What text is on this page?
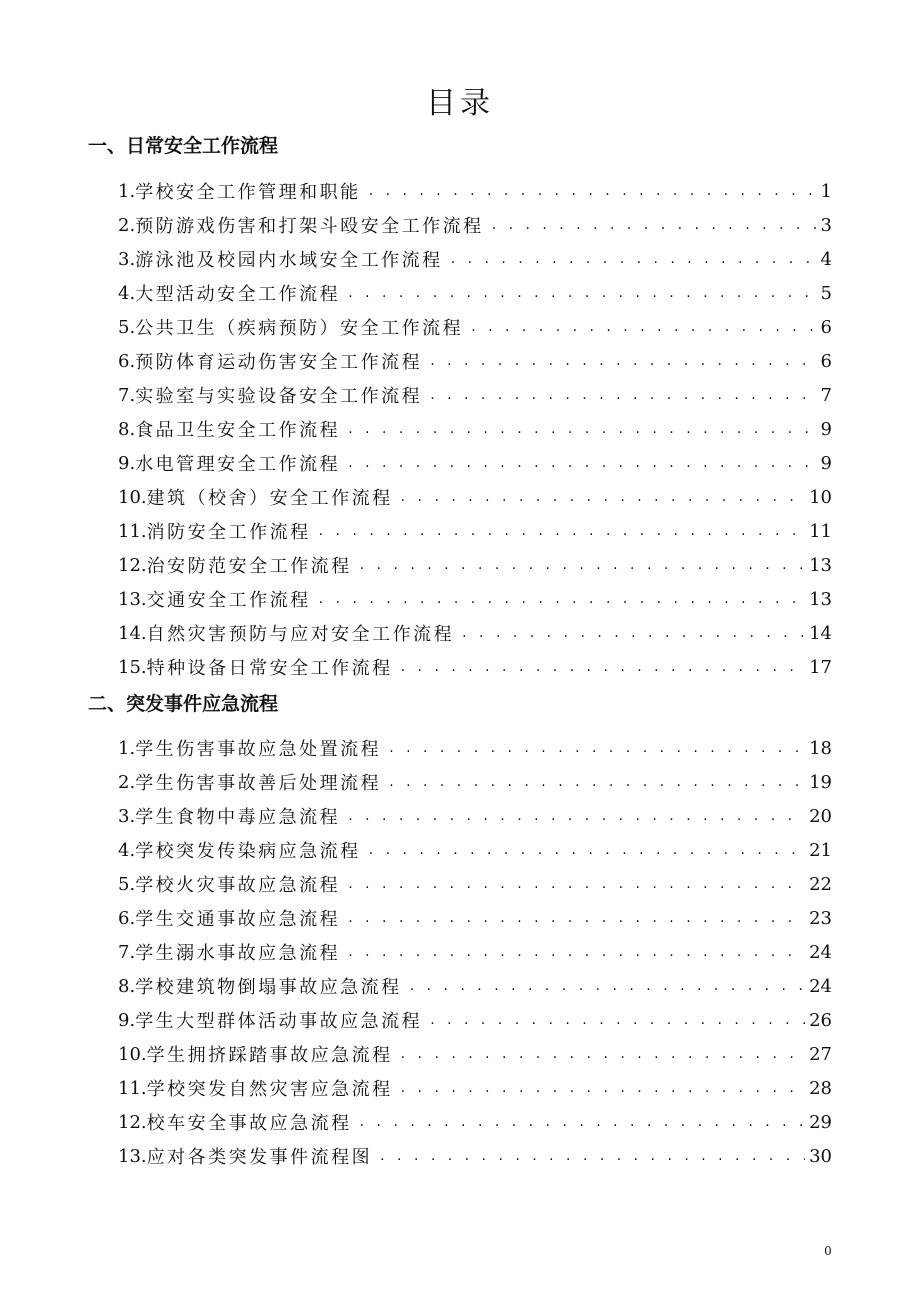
目录
一、日常安全工作流程
1. 学校安全工作管理和职能 . . .	1
2. 预防游戏伤害和打架斗殴安全工作流程 . . .	3
3. 游泳池及校园内水域安全工作流程 . . .	4
4. 大型活动安全工作流程 . . .	5
5. 公共卫生（疾病预防）安全工作流程 . . .	6
6. 预防体育运动伤害安全工作流程 . . .	6
7. 实验室与实验设备安全工作流程 . . .	7
8. 食品卫生安全工作流程 . . .	9
9. 水电管理安全工作流程 . . .	9
10. 建筑（校舍）安全工作流程 . . .	10
11. 消防安全工作流程 . . .	11
12. 治安防范安全工作流程 . . .	13
13. 交通安全工作流程 . . .	13
14. 自然灾害预防与应对安全工作流程 . . .	14
15. 特种设备日常安全工作流程 . . .	17
二、突发事件应急流程
1. 学生伤害事故应急处置流程 . . .	18
2. 学生伤害事故善后处理流程 . . .	19
3. 学生食物中毒应急流程 . . .	20
4. 学校突发传染病应急流程 . . .	21
5. 学校火灾事故应急流程 . . .	22
6. 学生交通事故应急流程 . . .	23
7. 学生溺水事故应急流程 . . .	24
8. 学校建筑物倒塌事故应急流程 . . .	24
9. 学生大型群体活动事故应急流程 . . .	26
10. 学生拥挤踩踏事故应急流程 . . .	27
11. 学校突发自然灾害应急流程 . . .	28
12. 校车安全事故应急流程 . . .	29
13. 应对各类突发事件流程图 . . .	30
0
